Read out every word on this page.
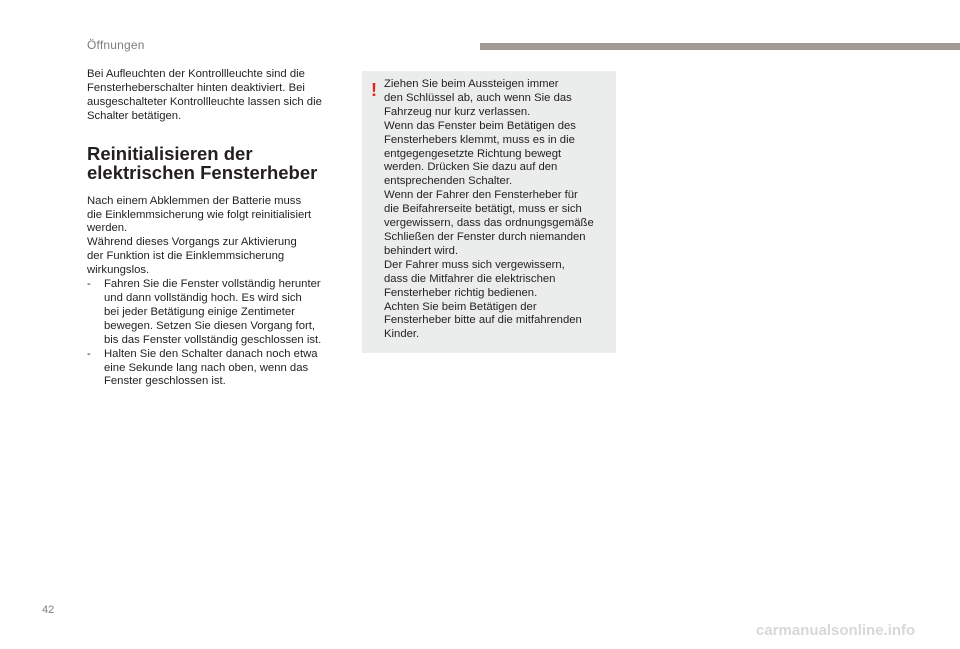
Öffnungen

Bei Aufleuchten der Kontrollleuchte sind die

Fensterheberschalter hinten deaktiviert. Bei

ausgeschalteter Kontrollleuchte lassen sich die

Schalter betätigen.

Reinitialisieren der
elektrischen Fensterheber

Nach einem Abklemmen der Batterie muss

die Einklemmsicherung wie folgt reinitialisiert

werden.

Während dieses Vorgangs zur Aktivierung

der Funktion ist die Einklemmsicherung

wirkungslos.

- Fahren Sie die Fenster vollständig herunter
und dann vollständig hoch. Es wird sich
bei jeder Betätigung einige Zentimeter
bewegen. Setzen Sie diesen Vorgang fort,
bis das Fenster vollständig geschlossen ist.
- Halten Sie den Schalter danach noch etwa
eine Sekunde lang nach oben, wenn das
Fenster geschlossen ist.
! Ziehen Sie beim Aussteigen immer

den Schlüssel ab, auch wenn Sie das

Fahrzeug nur kurz verlassen.

Wenn das Fenster beim Betätigen des

Fensterhebers klemmt, muss es in die

entgegengesetzte Richtung bewegt

werden. Drücken Sie dazu auf den

entsprechenden Schalter.

Wenn der Fahrer den Fensterheber für

die Beifahrerseite betätigt, muss er sich

vergewissern, dass das ordnungsgemäße

Schließen der Fenster durch niemanden

behindert wird.

Der Fahrer muss sich vergewissern,

dass die Mitfahrer die elektrischen

Fensterheber richtig bedienen.

Achten Sie beim Betätigen der

Fensterheber bitte auf die mitfahrenden

Kinder.

42
carmanualsonline.info
